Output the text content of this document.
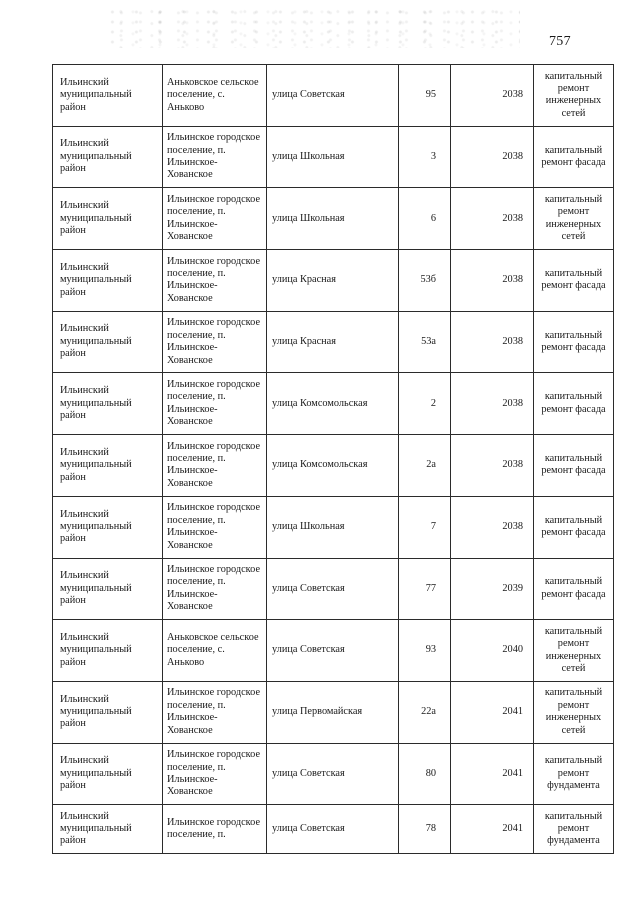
757
Ильинский муниципальный район	Аньковское сельское поселение, с. Аньково	улица Советская	95	2038	капитальный ремонт инженерных сетей
Ильинский муниципальный район	Ильинское городское поселение, п. Ильинское-Хованское	улица Школьная	3	2038	капитальный ремонт фасада
Ильинский муниципальный район	Ильинское городское поселение, п. Ильинское-Хованское	улица Школьная	6	2038	капитальный ремонт инженерных сетей
Ильинский муниципальный район	Ильинское городское поселение, п. Ильинское-Хованское	улица Красная	53б	2038	капитальный ремонт фасада
Ильинский муниципальный район	Ильинское городское поселение, п. Ильинское-Хованское	улица Красная	53а	2038	капитальный ремонт фасада
Ильинский муниципальный район	Ильинское городское поселение, п. Ильинское-Хованское	улица Комсомольская	2	2038	капитальный ремонт фасада
Ильинский муниципальный район	Ильинское городское поселение, п. Ильинское-Хованское	улица Комсомольская	2а	2038	капитальный ремонт фасада
Ильинский муниципальный район	Ильинское городское поселение, п. Ильинское-Хованское	улица Школьная	7	2038	капитальный ремонт фасада
Ильинский муниципальный район	Ильинское городское поселение, п. Ильинское-Хованское	улица Советская	77	2039	капитальный ремонт фасада
Ильинский муниципальный район	Аньковское сельское поселение, с. Аньково	улица Советская	93	2040	капитальный ремонт инженерных сетей
Ильинский муниципальный район	Ильинское городское поселение, п. Ильинское-Хованское	улица Первомайская	22а	2041	капитальный ремонт инженерных сетей
Ильинский муниципальный район	Ильинское городское поселение, п. Ильинское-Хованское	улица Советская	80	2041	капитальный ремонт фундамента
Ильинский муниципальный район	Ильинское городское поселение, п.	улица Советская	78	2041	капитальный ремонт фундамента
